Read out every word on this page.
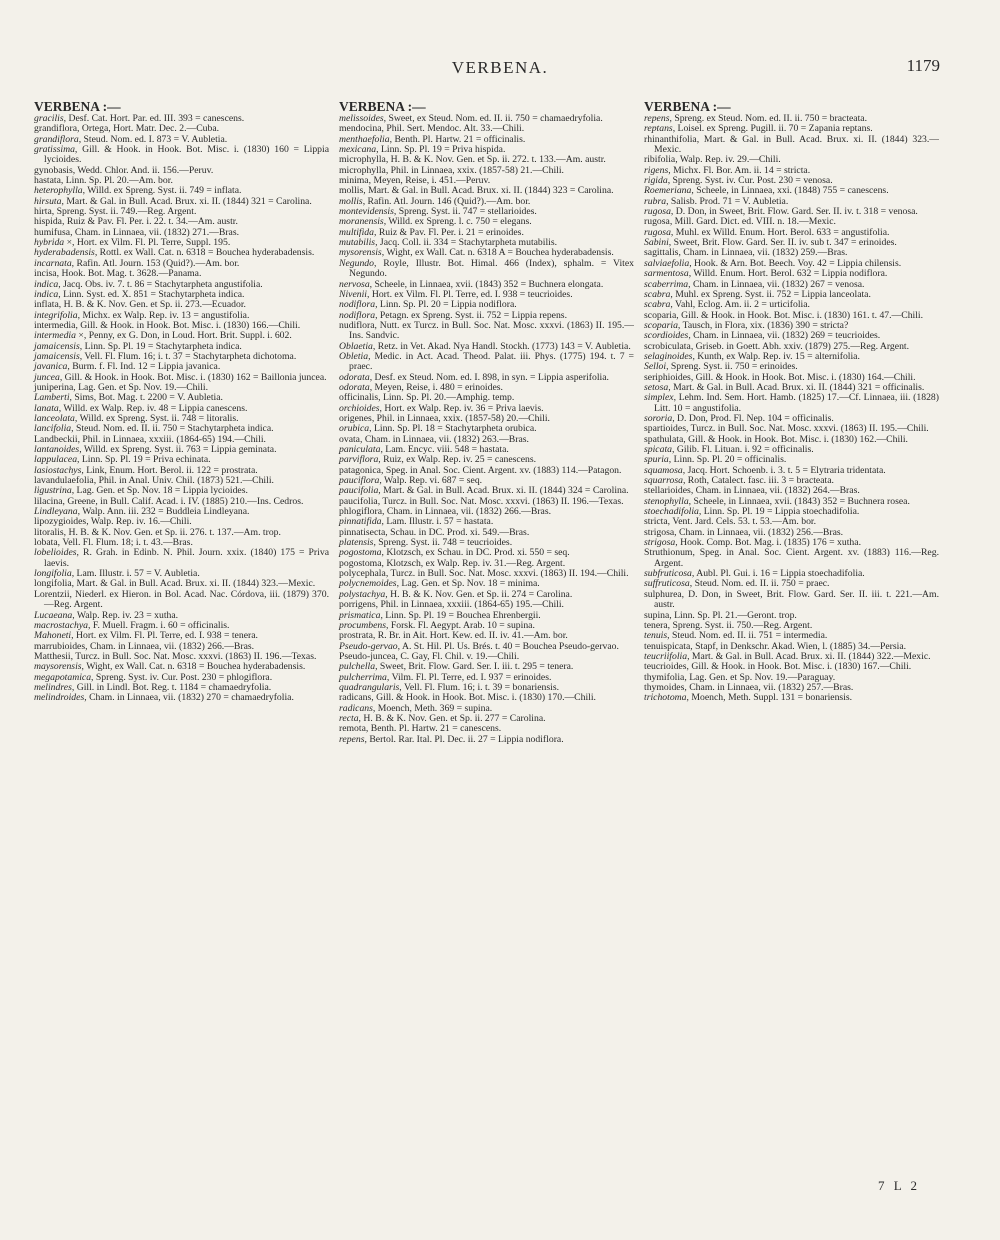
VERBENA.	1179
VERBENA :—
gracilis, Desf. Cat. Hort. Par. ed. III. 393 = canescens.
grandiflora, Ortega, Hort. Matr. Dec. 2.—Cuba.
grandiflora, Steud. Nom. ed. I. 873 = V. Aubletia.
gratissima, Gill. & Hook. in Hook. Bot. Misc. i. (1830) 160 = Lippia lycioides.
gynobasis, Wedd. Chlor. And. ii. 156.—Peruv.
hastata, Linn. Sp. Pl. 20.—Am. bor.
heterophylla, Willd. ex Spreng. Syst. ii. 749 = inflata.
hirsuta, Mart. & Gal. in Bull. Acad. Brux. xi. II. (1844) 321 = Carolina.
hirta, Spreng. Syst. ii. 749.—Reg. Argent.
hispida, Ruiz & Pav. Fl. Per. i. 22. t. 34.—Am. austr.
humifusa, Cham. in Linnaea, vii. (1832) 271.—Bras.
hybrida ×, Hort. ex Vilm. Fl. Pl. Terre, Suppl. 195.
hyderabadensis, Rottl. ex Wall. Cat. n. 6318 = Bouchea hyderabadensis.
incarnata, Rafin. Atl. Journ. 153 (Quid?).—Am. bor.
incisa, Hook. Bot. Mag. t. 3628.—Panama.
indica, Jacq. Obs. iv. 7. t. 86 = Stachytarpheta angustifolia.
indica, Linn. Syst. ed. X. 851 = Stachytarpheta indica.
inflata, H. B. & K. Nov. Gen. et Sp. ii. 273.—Ecuador.
integrifolia, Michx. ex Walp. Rep. iv. 13 = angustifolia.
intermedia, Gill. & Hook. in Hook. Bot. Misc. i. (1830) 166.—Chili.
intermedia ×, Penny, ex G. Don, in Loud. Hort. Brit. Suppl. i. 602.
jamaicensis, Linn. Sp. Pl. 19 = Stachytarpheta indica.
jamaicensis, Vell. Fl. Flum. 16; i. t. 37 = Stachytarpheta dichotoma.
javanica, Burm. f. Fl. Ind. 12 = Lippia javanica.
juncea, Gill. & Hook. in Hook. Bot. Misc. i. (1830) 162 = Baillonia juncea.
juniperina, Lag. Gen. et Sp. Nov. 19.—Chili.
Lamberti, Sims, Bot. Mag. t. 2200 = V. Aubletia.
lanata, Willd. ex Walp. Rep. iv. 48 = Lippia canescens.
lanceolata, Willd. ex Spreng. Syst. ii. 748 = litoralis.
lancifolia, Steud. Nom. ed. II. ii. 750 = Stachytarpheta indica.
Landbeckii, Phil. in Linnaea, xxxiii. (1864-65) 194.—Chili.
lantanoides, Willd. ex Spreng. Syst. ii. 763 = Lippia geminata.
lappulacea, Linn. Sp. Pl. 19 = Priva echinata.
lasiostachys, Link, Enum. Hort. Berol. ii. 122 = prostrata.
lavandulaefolia, Phil. in Anal. Univ. Chil. (1873) 521.—Chili.
ligustrina, Lag. Gen. et Sp. Nov. 18 = Lippia lycioides.
lilacina, Greene, in Bull. Calif. Acad. i. IV. (1885) 210.—Ins. Cedros.
Lindleyana, Walp. Ann. iii. 232 = Buddleia Lindleyana.
lipozygioides, Walp. Rep. iv. 16.—Chili.
litoralis, H. B. & K. Nov. Gen. et Sp. ii. 276. t. 137.—Am. trop.
lobata, Vell. Fl. Flum. 18; i. t. 43.—Bras.
lobelioides, R. Grah. in Edinb. N. Phil. Journ. xxix. (1840) 175 = Priva laevis.
longifolia, Lam. Illustr. i. 57 = V. Aubletia.
longifolia, Mart. & Gal. in Bull. Acad. Brux. xi. II. (1844) 323.—Mexic.
Lorentzii, Niederl. ex Hieron. in Bol. Acad. Nac. Córdova, iii. (1879) 370.—Reg. Argent.
Lucaeana, Walp. Rep. iv. 23 = xutha.
macrostachya, F. Muell. Fragm. i. 60 = officinalis.
Mahoneti, Hort. ex Vilm. Fl. Pl. Terre, ed. I. 938 = tenera.
marrubioides, Cham. in Linnaea, vii. (1832) 266.—Bras.
Matthesii, Turcz. in Bull. Soc. Nat. Mosc. xxxvi. (1863) II. 196.—Texas.
maysorensis, Wight, ex Wall. Cat. n. 6318 = Bouchea hyderabadensis.
megapotamica, Spreng. Syst. iv. Cur. Post. 230 = phlogiflora.
melindres, Gill. in Lindl. Bot. Reg. t. 1184 = chamaedryfolia.
melindroides, Cham. in Linnaea, vii. (1832) 270 = chamaedryfolia.
VERBENA :—
melissoides, Sweet, ex Steud. Nom. ed. II. ii. 750 = chamaedryfolia.
mendocina, Phil. Sert. Mendoc. Alt. 33.—Chili.
menthaefolia, Benth. Pl. Hartw. 21 = officinalis.
mexicana, Linn. Sp. Pl. 19 = Priva hispida.
microphylla, H. B. & K. Nov. Gen. et Sp. ii. 272. t. 133.—Am. austr.
microphylla, Phil. in Linnaea, xxix. (1857-58) 21.—Chili.
minima, Meyen, Reise, i. 451.—Peruv.
mollis, Mart. & Gal. in Bull. Acad. Brux. xi. II. (1844) 323 = Carolina.
mollis, Rafin. Atl. Journ. 146 (Quid?).—Am. bor.
montevidensis, Spreng. Syst. ii. 747 = stellarioides.
moranensis, Willd. ex Spreng. l. c. 750 = elegans.
multifida, Ruiz & Pav. Fl. Per. i. 21 = erinoides.
mutabilis, Jacq. Coll. ii. 334 = Stachytarpheta mutabilis.
mysorensis, Wight, ex Wall. Cat. n. 6318 A = Bouchea hyderabadensis.
Negundo, Royle, Illustr. Bot. Himal. 466 (Index), sphalm. = Vitex Negundo.
nervosa, Scheele, in Linnaea, xvii. (1843) 352 = Buchnera elongata.
Nivenii, Hort. ex Vilm. Fl. Pl. Terre, ed. I. 938 = teucrioides.
nodiflora, Linn. Sp. Pl. 20 = Lippia nodiflora.
nodiflora, Petagn. ex Spreng. Syst. ii. 752 = Lippia repens.
nudiflora, Nutt. ex Turcz. in Bull. Soc. Nat. Mosc. xxxvi. (1863) II. 195.—Ins. Sandvic.
Oblaetia, Retz. in Vet. Akad. Nya Handl. Stockh. (1773) 143 = V. Aubletia.
Obletia, Medic. in Act. Acad. Theod. Palat. iii. Phys. (1775) 194. t. 7 = praec.
odorata, Desf. ex Steud. Nom. ed. I. 898, in syn. = Lippia asperifolia.
odorata, Meyen, Reise, i. 480 = erinoides.
officinalis, Linn. Sp. Pl. 20.—Amphig. temp.
orchioides, Hort. ex Walp. Rep. iv. 36 = Priva laevis.
origenes, Phil. in Linnaea, xxix. (1857-58) 20.—Chili.
orubica, Linn. Sp. Pl. 18 = Stachytarpheta orubica.
ovata, Cham. in Linnaea, vii. (1832) 263.—Bras.
paniculata, Lam. Encyc. viii. 548 = hastata.
parviflora, Ruiz, ex Walp. Rep. iv. 25 = canescens.
patagonica, Speg. in Anal. Soc. Cient. Argent. xv. (1883) 114.—Patagon.
pauciflora, Walp. Rep. vi. 687 = seq.
paucifolia, Mart. & Gal. in Bull. Acad. Brux. xi. II. (1844) 324 = Carolina.
paucifolia, Turcz. in Bull. Soc. Nat. Mosc. xxxvi. (1863) II. 196.—Texas.
phlogiflora, Cham. in Linnaea, vii. (1832) 266.—Bras.
pinnatifida, Lam. Illustr. i. 57 = hastata.
pinnatisecta, Schau. in DC. Prod. xi. 549.—Bras.
platensis, Spreng. Syst. ii. 748 = teucrioides.
pogostoma, Klotzsch, ex Schau. in DC. Prod. xi. 550 = seq.
pogostoma, Klotzsch, ex Walp. Rep. iv. 31.—Reg. Argent.
polycephala, Turcz. in Bull. Soc. Nat. Mosc. xxxvi. (1863) II. 194.—Chili.
polycnemoides, Lag. Gen. et Sp. Nov. 18 = minima.
polystachya, H. B. & K. Nov. Gen. et Sp. ii. 274 = Carolina.
porrigens, Phil. in Linnaea, xxxiii. (1864-65) 195.—Chili.
prismatica, Linn. Sp. Pl. 19 = Bouchea Ehrenbergii.
procumbens, Forsk. Fl. Aegypt. Arab. 10 = supina.
prostrata, R. Br. in Ait. Hort. Kew. ed. II. iv. 41.—Am. bor.
Pseudo-gervao, A. St. Hil. Pl. Us. Brés. t. 40 = Bouchea Pseudo-gervao.
Pseudo-juncea, C. Gay, Fl. Chil. v. 19.—Chili.
pulchella, Sweet, Brit. Flow. Gard. Ser. I. iii. t. 295 = tenera.
pulcherrima, Vilm. Fl. Pl. Terre, ed. I. 937 = erinoides.
quadrangularis, Vell. Fl. Flum. 16; i. t. 39 = bonariensis.
radicans, Gill. & Hook. in Hook. Bot. Misc. i. (1830) 170.—Chili.
radicans, Moench, Meth. 369 = supina.
recta, H. B. & K. Nov. Gen. et Sp. ii. 277 = Carolina.
remota, Benth. Pl. Hartw. 21 = canescens.
repens, Bertol. Rar. Ital. Pl. Dec. ii. 27 = Lippia nodiflora.
VERBENA :—
repens, Spreng. ex Steud. Nom. ed. II. ii. 750 = bracteata.
reptans, Loisel. ex Spreng. Pugill. ii. 70 = Zapania reptans.
rhinanthifolia, Mart. & Gal. in Bull. Acad. Brux. xi. II. (1844) 323.—Mexic.
ribifolia, Walp. Rep. iv. 29.—Chili.
rigens, Michx. Fl. Bor. Am. ii. 14 = stricta.
rigida, Spreng. Syst. iv. Cur. Post. 230 = venosa.
Roemeriana, Scheele, in Linnaea, xxi. (1848) 755 = canescens.
rubra, Salisb. Prod. 71 = V. Aubletia.
rugosa, D. Don, in Sweet, Brit. Flow. Gard. Ser. II. iv. t. 318 = venosa.
rugosa, Mill. Gard. Dict. ed. VIII. n. 18.—Mexic.
rugosa, Muhl. ex Willd. Enum. Hort. Berol. 633 = angustifolia.
Sabini, Sweet, Brit. Flow. Gard. Ser. II. iv. sub t. 347 = erinoides.
sagittalis, Cham. in Linnaea, vii. (1832) 259.—Bras.
salviaefolia, Hook. & Arn. Bot. Beech. Voy. 42 = Lippia chilensis.
sarmentosa, Willd. Enum. Hort. Berol. 632 = Lippia nodiflora.
scaberrima, Cham. in Linnaea, vii. (1832) 267 = venosa.
scabra, Muhl. ex Spreng. Syst. ii. 752 = Lippia lanceolata.
scabra, Vahl, Eclog. Am. ii. 2 = urticifolia.
scoparia, Gill. & Hook. in Hook. Bot. Misc. i. (1830) 161. t. 47.—Chili.
scoparia, Tausch, in Flora, xix. (1836) 390 = stricta?
scordioides, Cham. in Linnaea, vii. (1832) 269 = teucrioides.
scrobiculata, Griseb. in Goett. Abh. xxiv. (1879) 275.—Reg. Argent.
selaginoides, Kunth, ex Walp. Rep. iv. 15 = alternifolia.
Selloi, Spreng. Syst. ii. 750 = erinoides.
seriphioides, Gill. & Hook. in Hook. Bot. Misc. i. (1830) 164.—Chili.
setosa, Mart. & Gal. in Bull. Acad. Brux. xi. II. (1844) 321 = officinalis.
simplex, Lehm. Ind. Sem. Hort. Hamb. (1825) 17.—Cf. Linnaea, iii. (1828) Litt. 10 = angustifolia.
sororia, D. Don, Prod. Fl. Nep. 104 = officinalis.
spartioides, Turcz. in Bull. Soc. Nat. Mosc. xxxvi. (1863) II. 195.—Chili.
spathulata, Gill. & Hook. in Hook. Bot. Misc. i. (1830) 162.—Chili.
spicata, Gilib. Fl. Lituan. i. 92 = officinalis.
spuria, Linn. Sp. Pl. 20 = officinalis.
squamosa, Jacq. Hort. Schoenb. i. 3. t. 5 = Elytraria tridentata.
squarrosa, Roth, Catalect. fasc. iii. 3 = bracteata.
stellarioides, Cham. in Linnaea, vii. (1832) 264.—Bras.
stenophylla, Scheele, in Linnaea, xvii. (1843) 352 = Buchnera rosea.
stoechadifolia, Linn. Sp. Pl. 19 = Lippia stoechadifolia.
stricta, Vent. Jard. Cels. 53. t. 53.—Am. bor.
strigosa, Cham. in Linnaea, vii. (1832) 256.—Bras.
strigosa, Hook. Comp. Bot. Mag. i. (1835) 176 = xutha.
Struthionum, Speg. in Anal. Soc. Cient. Argent. xv. (1883) 116.—Reg. Argent.
subfruticosa, Aubl. Pl. Gui. i. 16 = Lippia stoechadifolia.
suffruticosa, Steud. Nom. ed. II. ii. 750 = praec.
sulphurea, D. Don, in Sweet, Brit. Flow. Gard. Ser. II. iii. t. 221.—Am. austr.
supina, Linn. Sp. Pl. 21.—Geront. trop.
tenera, Spreng. Syst. ii. 750.—Reg. Argent.
tenuis, Steud. Nom. ed. II. ii. 751 = intermedia.
tenuispicata, Stapf, in Denkschr. Akad. Wien, l. (1885) 34.—Persia.
teucriifolia, Mart. & Gal. in Bull. Acad. Brux. xi. II. (1844) 322.—Mexic.
teucrioides, Gill. & Hook. in Hook. Bot. Misc. i. (1830) 167.—Chili.
thymifolia, Lag. Gen. et Sp. Nov. 19.—Paraguay.
thymoides, Cham. in Linnaea, vii. (1832) 257.—Bras.
trichotoma, Moench, Meth. Suppl. 131 = bonariensis.
7 L 2
